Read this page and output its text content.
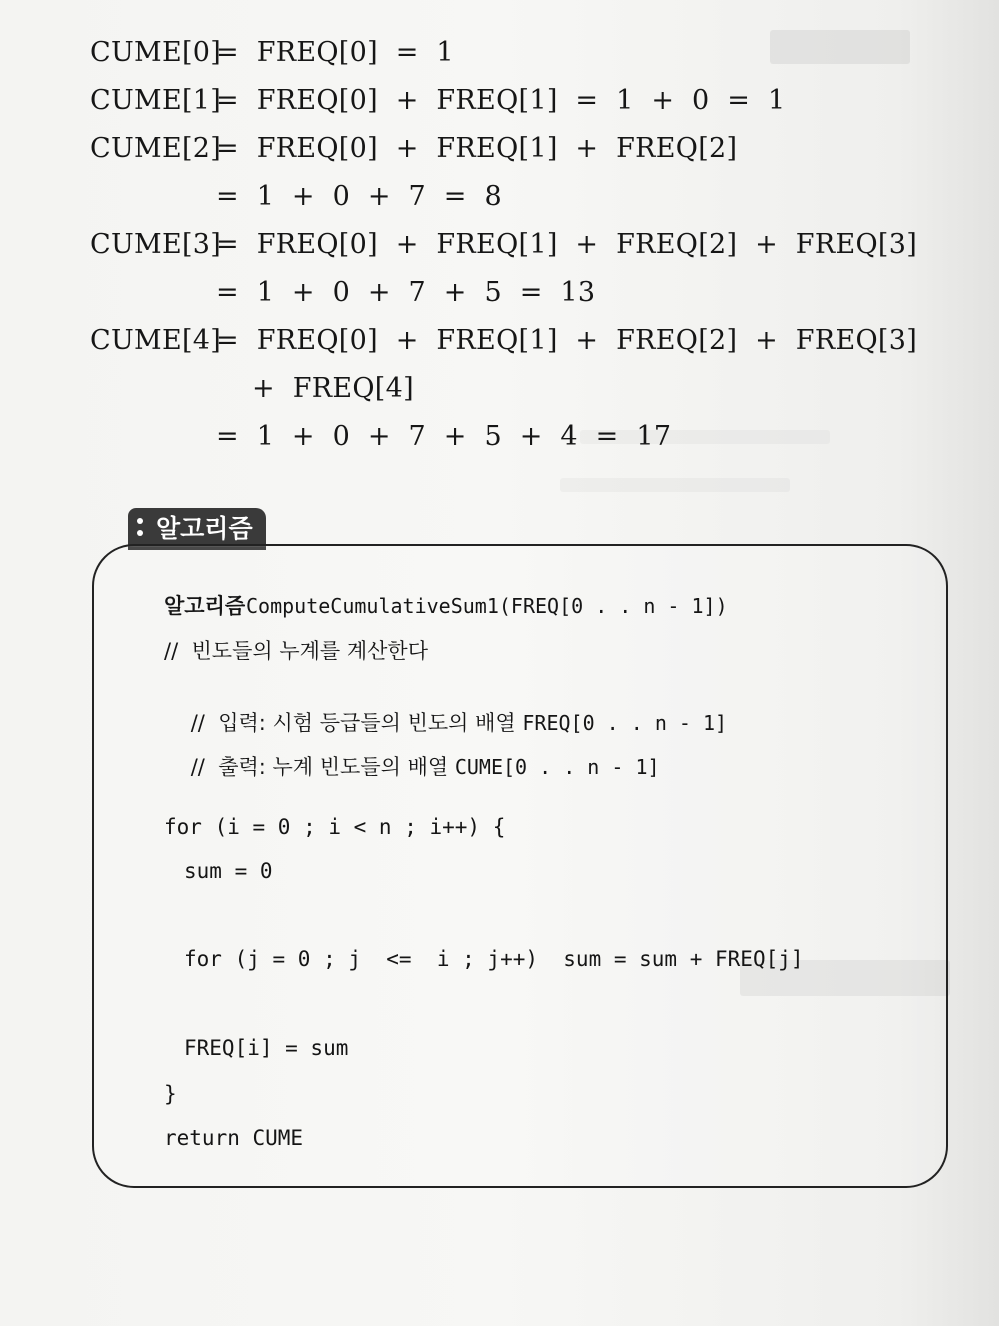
CUME[0]
=  FREQ[0]  =  1
CUME[1]
=  FREQ[0]  +  FREQ[1]  =  1  +  0  =  1
CUME[2]
=  FREQ[0]  +  FREQ[1]  +  FREQ[2]
=  1  +  0  +  7  =  8
CUME[3]
=  FREQ[0]  +  FREQ[1]  +  FREQ[2]  +  FREQ[3]
=  1  +  0  +  7  +  5  =  13
CUME[4]
=  FREQ[0]  +  FREQ[1]  +  FREQ[2]  +  FREQ[3]
+  FREQ[4]
=  1  +  0  +  7  +  5  +  4  =  17
알고리즘
알고리즘 ComputeCumulativeSum1(FREQ[0 . . n - 1])
//  빈도들의 누계를 계산한다

//  입력: 시험 등급들의 빈도의 배열 FREQ[0 . . n - 1]

//  출력: 누계 빈도들의 배열 CUME[0 . . n - 1]

for (i = 0 ; i < n ; i++) {
sum = 0
for (j = 0 ; j  <=  i ; j++)  sum = sum + FREQ[j]
FREQ[i] = sum
}
return CUME
